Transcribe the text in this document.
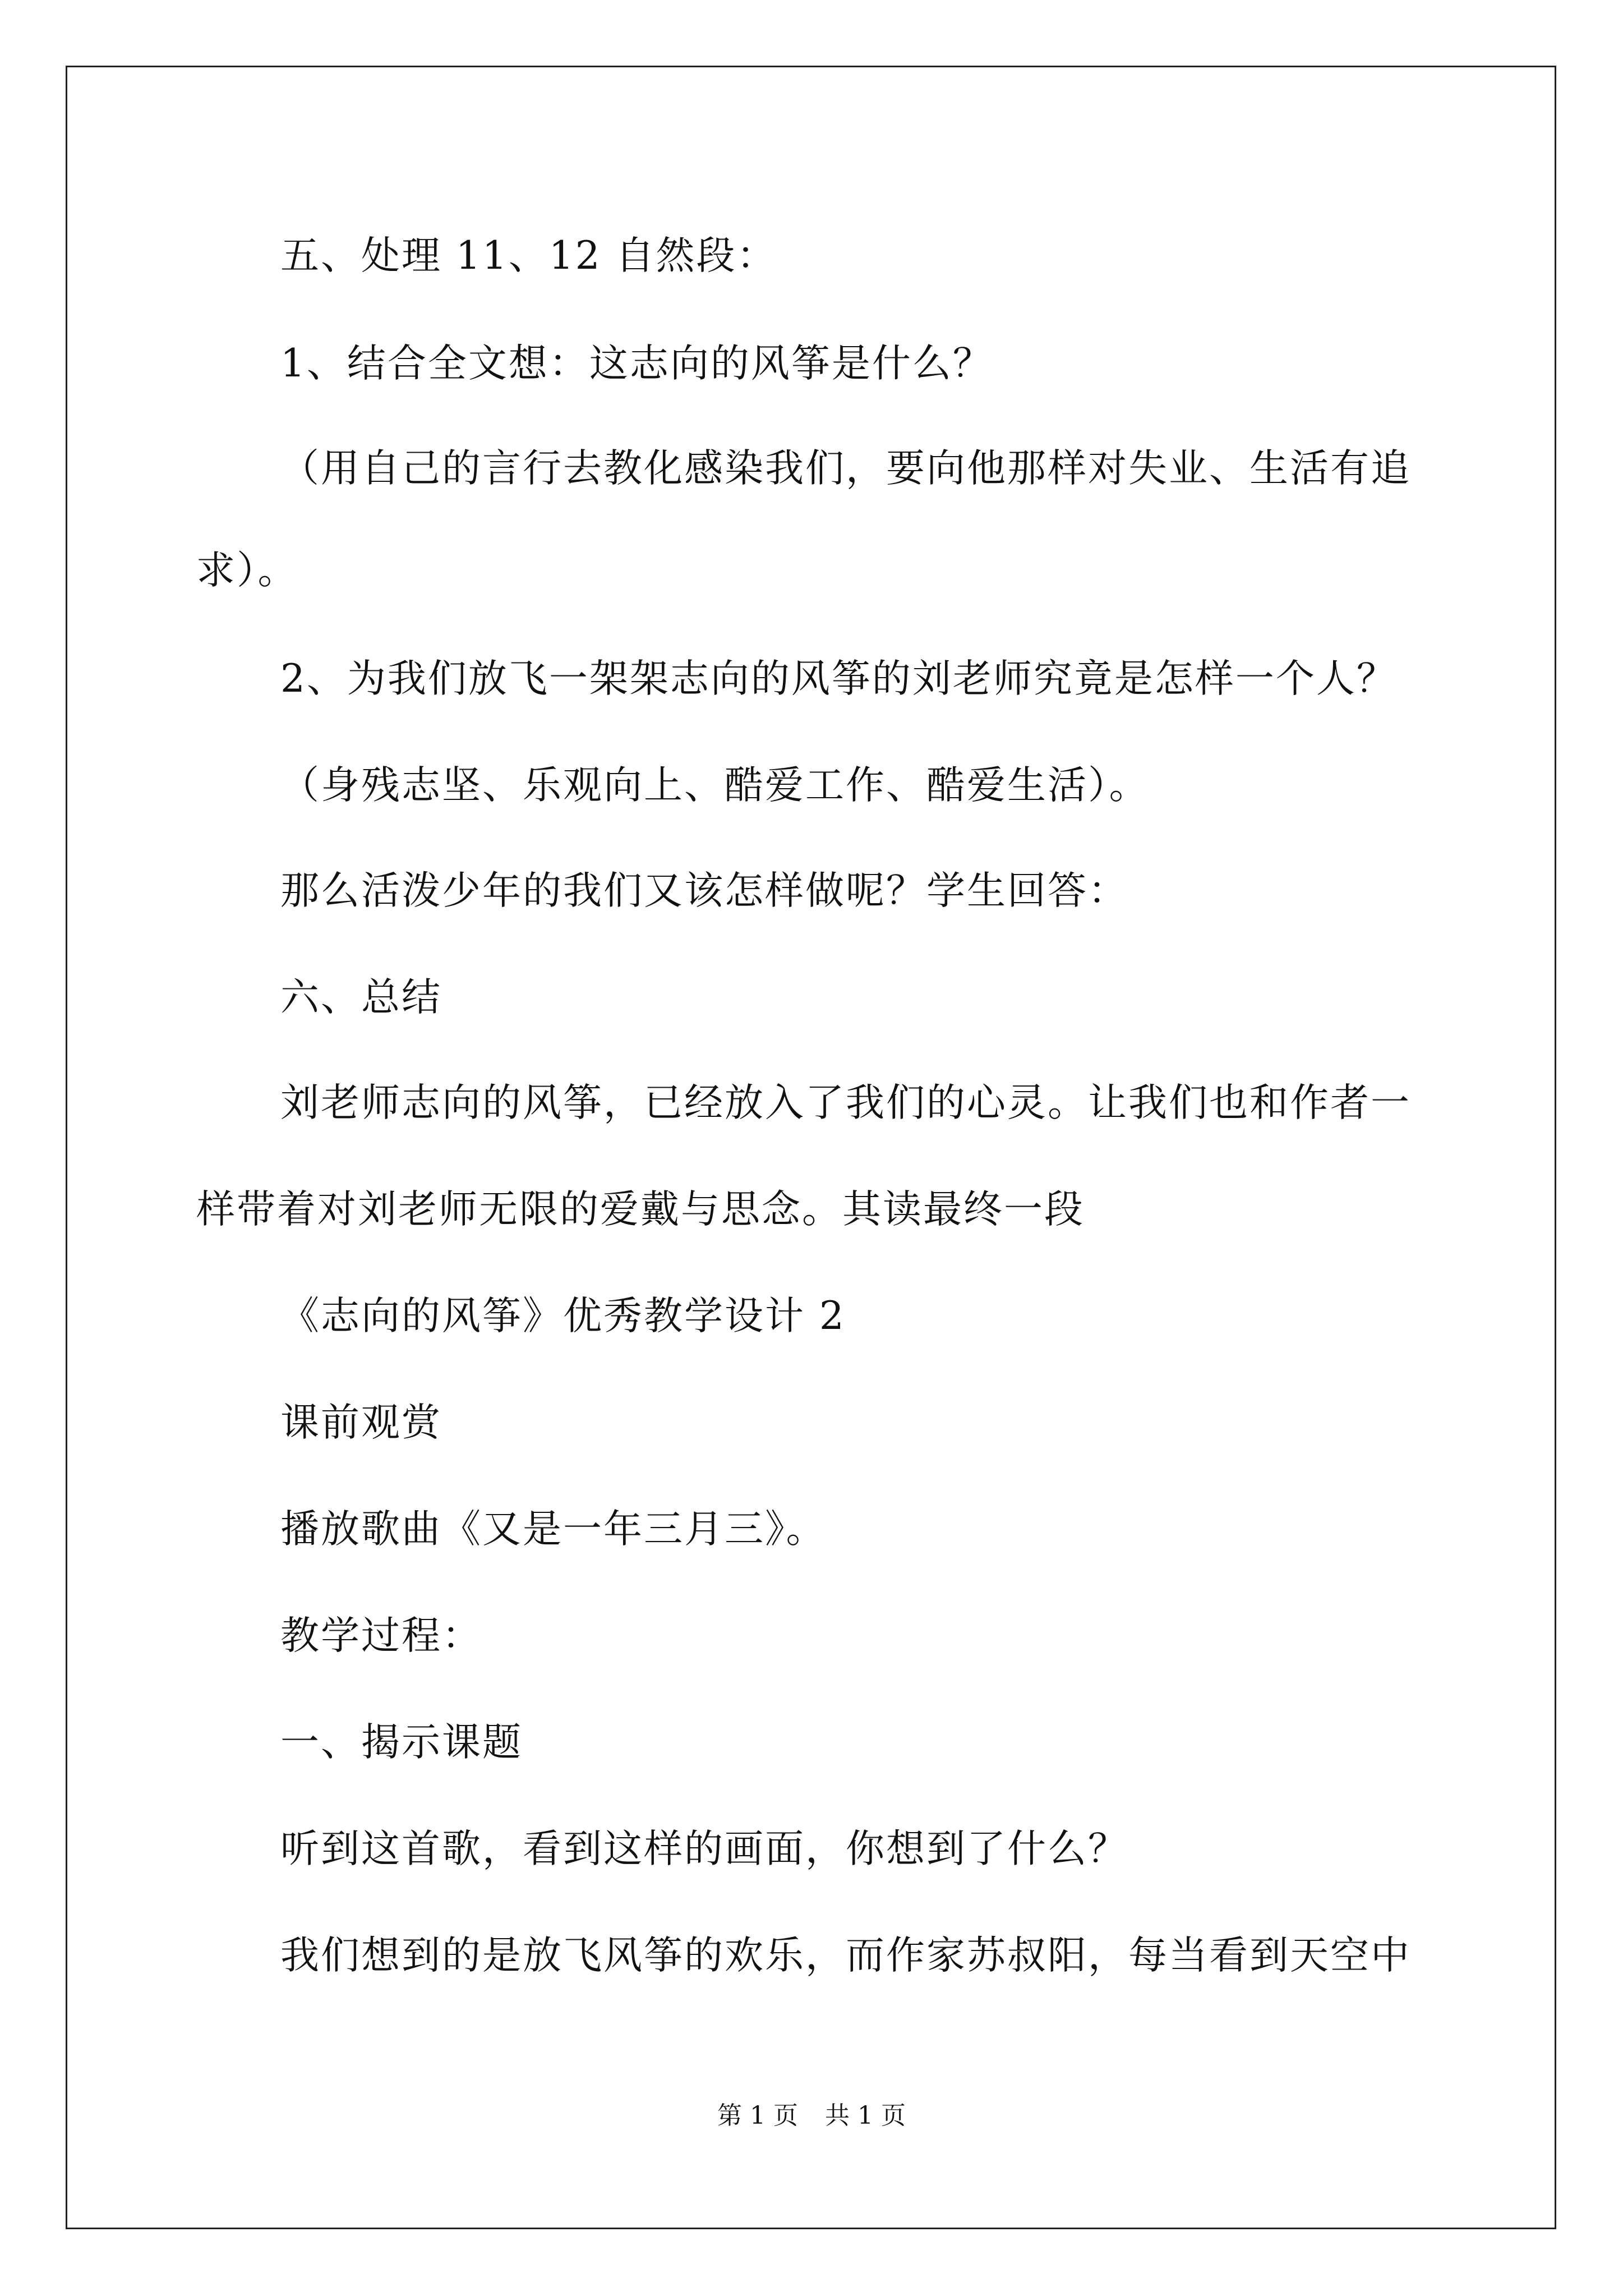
五、处理 11、12 自然段：

1、结合全文想：这志向的风筝是什么？

（用自己的言行去教化感染我们，要向他那样对失业、生活有追

求）。

2、为我们放飞一架架志向的风筝的刘老师究竟是怎样一个人？

（身残志坚、乐观向上、酷爱工作、酷爱生活）。

那么活泼少年的我们又该怎样做呢？学生回答：

六、总结

刘老师志向的风筝，已经放入了我们的心灵。让我们也和作者一

样带着对刘老师无限的爱戴与思念。其读最终一段

《志向的风筝》优秀教学设计 2

课前观赏

播放歌曲《又是一年三月三》。

教学过程：

一、揭示课题

听到这首歌，看到这样的画面，你想到了什么？

我们想到的是放飞风筝的欢乐，而作家苏叔阳，每当看到天空中

第 1 页 共 1 页
